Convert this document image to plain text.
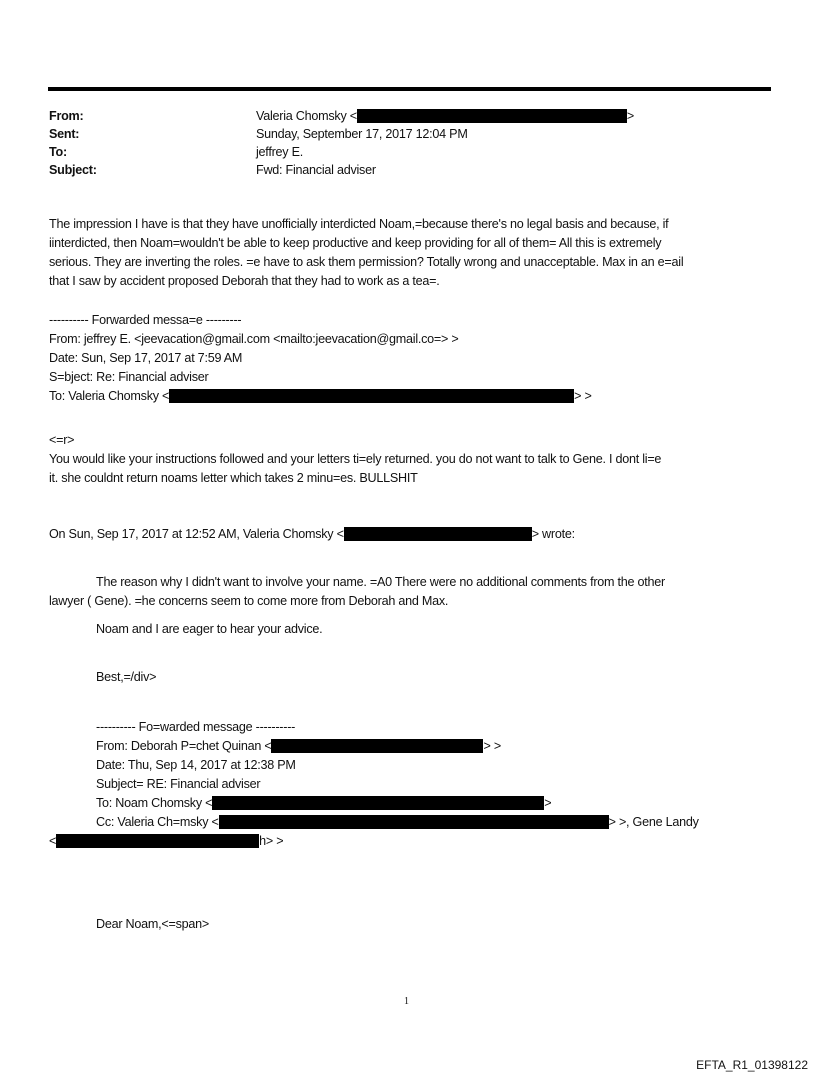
From:	Valeria Chomsky <	>
Sent:	Sunday, September 17, 2017 12:04 PM
To:	jeffrey E.
Subject:	Fwd: Financial adviser
The impression I have is that they have unofficially interdicted Noam,=because there's no legal basis and because, if
iinterdicted, then Noam=wouldn't be able to keep productive and keep providing for all of them= All this is extremely
serious. They are inverting the roles. =e have to ask them permission? Totally wrong and unacceptable. Max in an e=ail
that I saw by accident proposed Deborah that they had to work as a tea=.
---------- Forwarded messa=e ---------
From: jeffrey E. <jeevacation@gmail.com <mailto:jeevacation@gmail.co=> >
Date: Sun, Sep 17, 2017 at 7:59 AM
S=bject: Re: Financial adviser
To: Valeria Chomsky <	> >
<=r>
You would like your instructions followed and your letters ti=ely returned. you do not want to talk to Gene. I dont li=e
it. she couldnt return noams letter which takes 2 minu=es. BULLSHIT
On Sun, Sep 17, 2017 at 12:52 AM, Valeria Chomsky <	> wrote:
The reason why I didn't want to involve your name. =A0 There were no additional comments from the other
lawyer ( Gene). =he concerns seem to come more from Deborah and Max.
Noam and I are eager to hear your advice.
Best,=/div>
---------- Fo=warded message ----------
From: Deborah P=chet Quinan <	> >
Date: Thu, Sep 14, 2017 at 12:38 PM
Subject= RE: Financial adviser
To: Noam Chomsky <	>
Cc: Valeria Ch=msky <	> >, Gene Landy
<	h> >
Dear Noam,<=span>
1
EFTA_R1_01398122
